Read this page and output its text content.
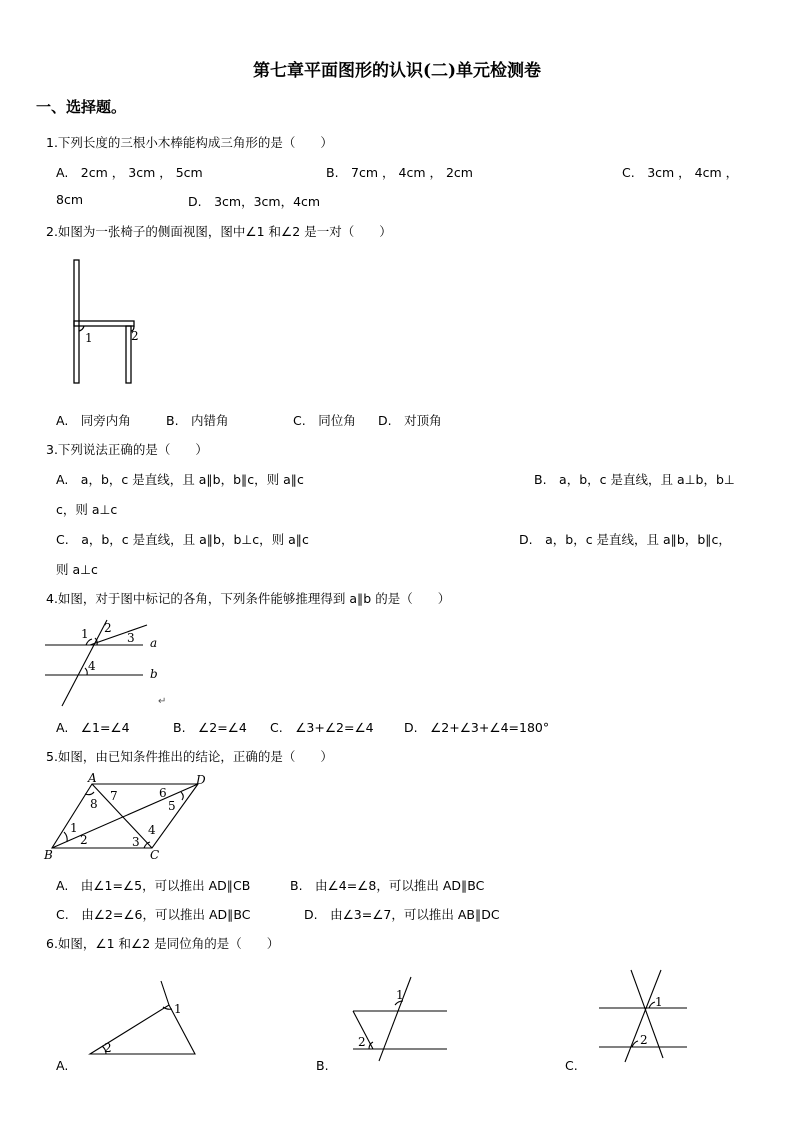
第七章平面图形的认识(二)单元检测卷
一、选择题。
1.下列长度的三根小木棒能构成三角形的是（　　）
A.　2cm ， 3cm ， 5cm	B.　7cm ， 4cm ， 2cm	C.　3cm ， 4cm ，
8cm	D.　3cm，3cm，4cm
2.如图为一张椅子的侧面视图，图中∠1 和∠2 是一对（　　）
1	2
A.　同旁内角	B.　内错角	C.　同位角 D.　对顶角
3.下列说法正确的是（　　）
A.　a，b，c 是直线，且 a∥b，b∥c，则 a∥c	B.　a，b，c 是直线，且 a⊥b，b⊥
c，则 a⊥c
C.　a，b，c 是直线，且 a∥b，b⊥c，则 a∥c	D.　a，b，c 是直线，且 a∥b，b∥c，
则 a⊥c
4.如图，对于图中标记的各角，下列条件能够推理得到 a∥b 的是（　　）
1 2
3
4
a
b
↵
A.　∠1=∠4	B.　∠2=∠4 C.　∠3+∠2=∠4 D.　∠2+∠3+∠4=180°
5.如图，由已知条件推出的结论，正确的是（　　）
A	D
B	C
1
2	3
4
5
6
7
8
A.　由∠1=∠5，可以推出 AD∥CB	B.　由∠4=∠8，可以推出 AD∥BC
C.　由∠2=∠6，可以推出 AD∥BC	D.　由∠3=∠7，可以推出 AB∥DC
6.如图，∠1 和∠2 是同位角的是（　　）
1
2
A.
1
2
B.
1
2
C.
